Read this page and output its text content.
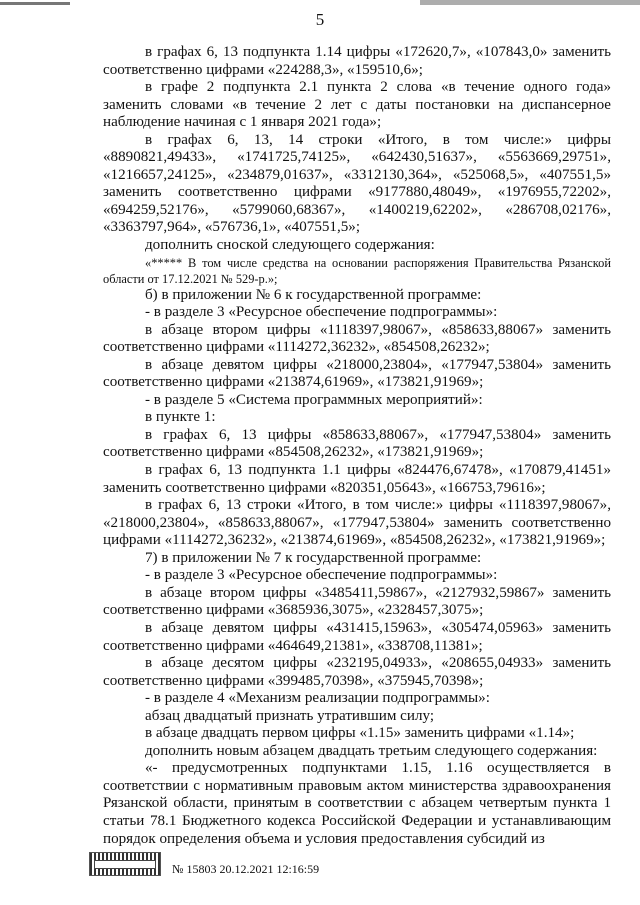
5

в графах 6, 13 подпункта 1.14 цифры «172620,7», «107843,0» заменить соответственно цифрами «224288,3», «159510,6»;

в графе 2 подпункта 2.1 пункта 2 слова «в течение одного года» заменить словами «в течение 2 лет с даты постановки на диспансерное наблюдение начиная с 1 января 2021 года»;

в графах 6, 13, 14 строки «Итого, в том числе:» цифры «8890821,49433», «1741725,74125», «642430,51637», «5563669,29751», «1216657,24125», «234879,01637», «3312130,364», «525068,5», «407551,5» заменить соответственно цифрами «9177880,48049», «1976955,72202», «694259,52176», «5799060,68367», «1400219,62202», «286708,02176», «3363797,964», «576736,1», «407551,5»;

дополнить сноской следующего содержания:

«***** В том числе средства на основании распоряжения Правительства Рязанской области от 17.12.2021 № 529-р.»;

б) в приложении № 6 к государственной программе:

- в разделе 3 «Ресурсное обеспечение подпрограммы»:

в абзаце втором цифры «1118397,98067», «858633,88067» заменить соответственно цифрами «1114272,36232», «854508,26232»;

в абзаце девятом цифры «218000,23804», «177947,53804» заменить соответственно цифрами «213874,61969», «173821,91969»;

- в разделе 5 «Система программных мероприятий»:

в пункте 1:

в графах 6, 13 цифры «858633,88067», «177947,53804» заменить соответственно цифрами «854508,26232», «173821,91969»;

в графах 6, 13 подпункта 1.1 цифры «824476,67478», «170879,41451» заменить соответственно цифрами «820351,05643», «166753,79616»;

в графах 6, 13 строки «Итого, в том числе:» цифры «1118397,98067», «218000,23804», «858633,88067», «177947,53804» заменить соответственно цифрами «1114272,36232», «213874,61969», «854508,26232», «173821,91969»;

7) в приложении № 7 к государственной программе:

- в разделе 3 «Ресурсное обеспечение подпрограммы»:

в абзаце втором цифры «3485411,59867», «2127932,59867» заменить соответственно цифрами «3685936,3075», «2328457,3075»;

в абзаце девятом цифры «431415,15963», «305474,05963» заменить соответственно цифрами «464649,21381», «338708,11381»;

в абзаце десятом цифры «232195,04933», «208655,04933» заменить соответственно цифрами «399485,70398», «375945,70398»;

- в разделе 4 «Механизм реализации подпрограммы»:

абзац двадцатый признать утратившим силу;

в абзаце двадцать первом цифры «1.15» заменить цифрами «1.14»;

дополнить новым абзацем двадцать третьим следующего содержания:

«- предусмотренных подпунктами 1.15, 1.16 осуществляется в соответствии с нормативным правовым актом министерства здравоохранения Рязанской области, принятым в соответствии с абзацем четвертым пункта 1 статьи 78.1 Бюджетного кодекса Российской Федерации и устанавливающим порядок определения объема и условия предоставления субсидий из

№ 15803 20.12.2021 12:16:59
